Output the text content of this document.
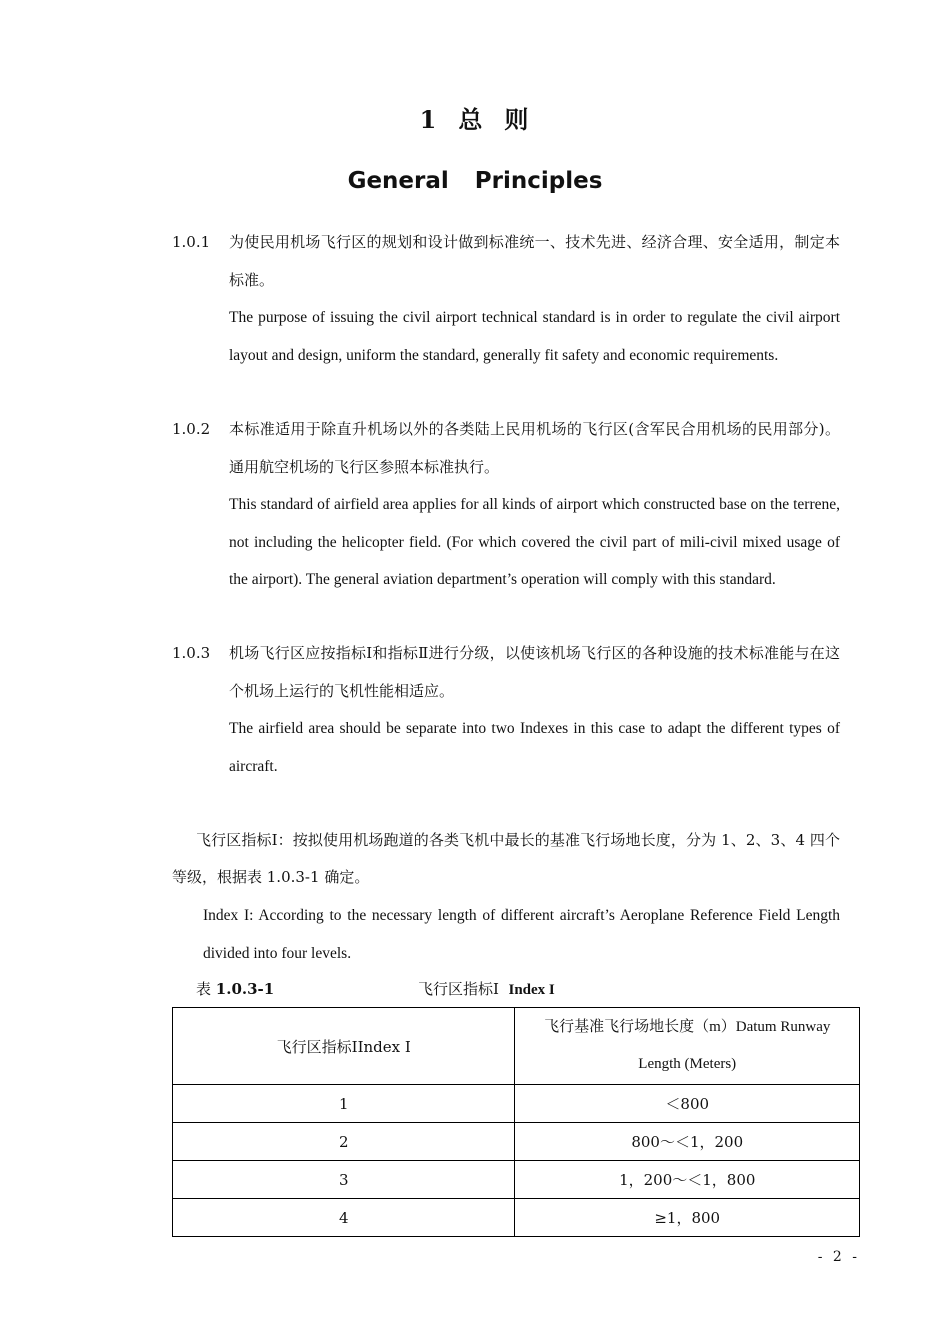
1 总 则
General Principles
1.0.1	为使民用机场飞行区的规划和设计做到标准统一、技术先进、经济合理、安全适用，制定本标准。
The purpose of issuing the civil airport technical standard is in order to regulate the civil airport layout and design, uniform the standard, generally fit safety and economic requirements.
1.0.2	本标准适用于除直升机场以外的各类陆上民用机场的飞行区(含军民合用机场的民用部分)。通用航空机场的飞行区参照本标准执行。
This standard of airfield area applies for all kinds of airport which constructed base on the terrene, not including the helicopter field. (For which covered the civil part of mili-civil mixed usage of the airport). The general aviation department’s operation will comply with this standard.
1.0.3	机场飞行区应按指标Ⅰ和指标Ⅱ进行分级，以使该机场飞行区的各种设施的技术标准能与在这个机场上运行的飞机性能相适应。
The airfield area should be separate into two Indexes in this case to adapt the different types of aircraft.
飞行区指标Ⅰ：按拟使用机场跑道的各类飞机中最长的基准飞行场地长度，分为 1、2、3、4 四个等级，根据表 1.0.3-1 确定。
Index I: According to the necessary length of different aircraft’s Aeroplane Reference Field Length divided into four levels.
表 1.0.3-1	飞行区指标Ⅰ Index I
飞行区指标ⅠIndex I	飞行基准飞行场地长度（m）Datum Runway
Length (Meters)

1	＜800
2	800～＜1，200
3	1，200～＜1，800
4	≥1，800
- 2 -
